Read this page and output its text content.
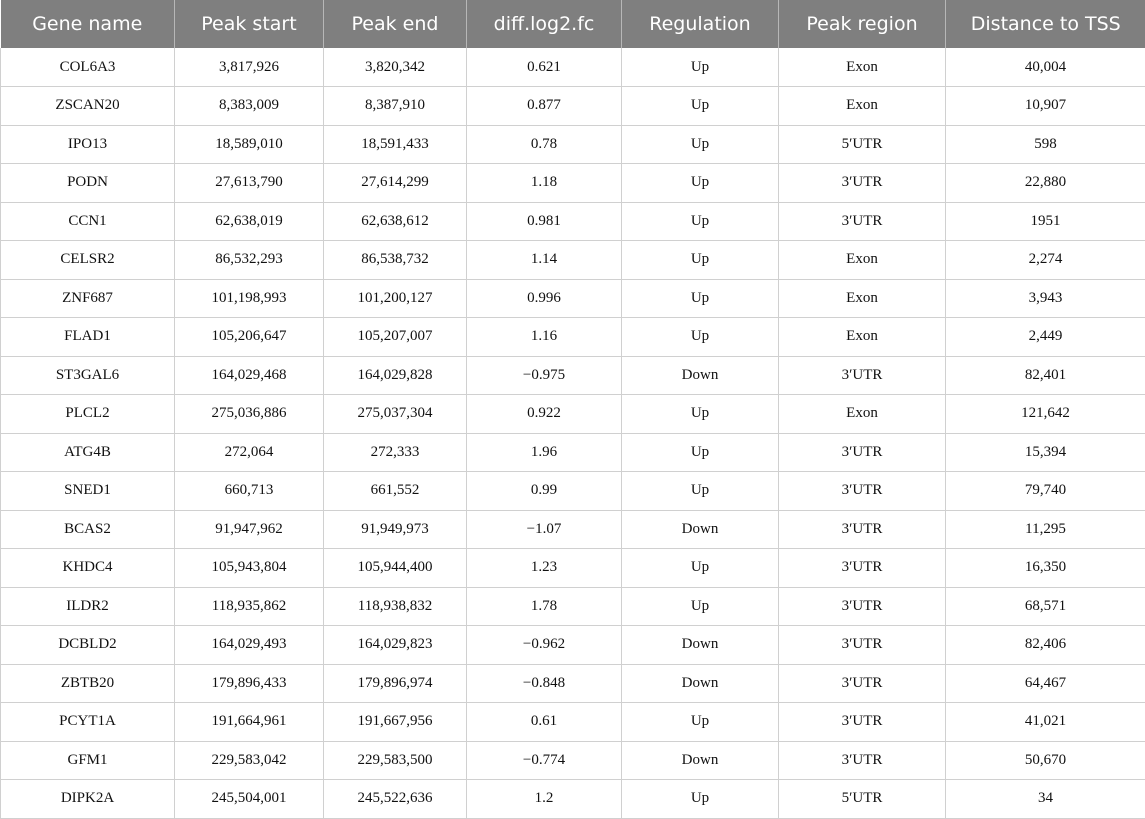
Gene name	Peak start	Peak end	diff.log2.fc	Regulation	Peak region	Distance to TSS
COL6A3	3,817,926	3,820,342	0.621	Up	Exon	40,004
ZSCAN20	8,383,009	8,387,910	0.877	Up	Exon	10,907
IPO13	18,589,010	18,591,433	0.78	Up	5′UTR	598
PODN	27,613,790	27,614,299	1.18	Up	3′UTR	22,880
CCN1	62,638,019	62,638,612	0.981	Up	3′UTR	1951
CELSR2	86,532,293	86,538,732	1.14	Up	Exon	2,274
ZNF687	101,198,993	101,200,127	0.996	Up	Exon	3,943
FLAD1	105,206,647	105,207,007	1.16	Up	Exon	2,449
ST3GAL6	164,029,468	164,029,828	−0.975	Down	3′UTR	82,401
PLCL2	275,036,886	275,037,304	0.922	Up	Exon	121,642
ATG4B	272,064	272,333	1.96	Up	3′UTR	15,394
SNED1	660,713	661,552	0.99	Up	3′UTR	79,740
BCAS2	91,947,962	91,949,973	−1.07	Down	3′UTR	11,295
KHDC4	105,943,804	105,944,400	1.23	Up	3′UTR	16,350
ILDR2	118,935,862	118,938,832	1.78	Up	3′UTR	68,571
DCBLD2	164,029,493	164,029,823	−0.962	Down	3′UTR	82,406
ZBTB20	179,896,433	179,896,974	−0.848	Down	3′UTR	64,467
PCYT1A	191,664,961	191,667,956	0.61	Up	3′UTR	41,021
GFM1	229,583,042	229,583,500	−0.774	Down	3′UTR	50,670
DIPK2A	245,504,001	245,522,636	1.2	Up	5′UTR	34
